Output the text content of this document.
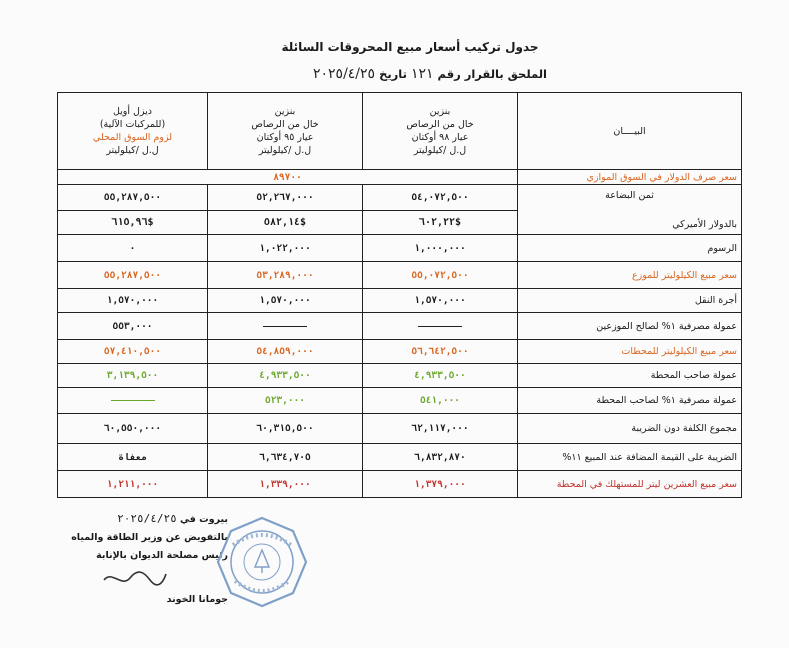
جدول تركيب أسعار مبيع المحروقات السائلة
الملحق بالقرار رقم ١٢١ تاريخ ٢٠٢٥/٤/٢٥
ديزل أويل
(للمركبات الآلية)
لزوم السوق المحلي
ل.ل /كيلوليتر	بنزين
خال من الرصاص
عيار ٩٥ أوكتان
ل.ل /كيلوليتر	بنزين
خال من الرصاص
عيار ٩٨ أوكتان
ل.ل /كيلوليتر	البيــــان
٨٩٧٠٠			سعر صرف الدولار في السوق الموازي
٥٥,٢٨٧,٥٠٠	٥٢,٢٦٧,٠٠٠	٥٤,٠٧٢,٥٠٠	ثمن البضاعة
بالدولار الأميركي

٦١٥,٩٦$	٥٨٢,١٤$	٦٠٢,٢٢$	
٠	١,٠٢٢,٠٠٠	١,٠٠٠,٠٠٠	الرسوم
٥٥,٢٨٧,٥٠٠	٥٣,٢٨٩,٠٠٠	٥٥,٠٧٢,٥٠٠	سعر مبيع الكيلوليتر للموزع
١,٥٧٠,٠٠٠	١,٥٧٠,٠٠٠	١,٥٧٠,٠٠٠	أجرة النقل
٥٥٣,٠٠٠			عمولة مصرفية ١% لصالح الموزعين
٥٧,٤١٠,٥٠٠	٥٤,٨٥٩,٠٠٠	٥٦,٦٤٢,٥٠٠	سعر مبيع الكيلوليتر للمحطات
٣,١٣٩,٥٠٠	٤,٩٣٣,٥٠٠	٤,٩٣٣,٥٠٠	عمولة صاحب المحطة
	٥٢٣,٠٠٠	٥٤١,٠٠٠	عمولة مصرفية ١% لصاحب المحطة
٦٠,٥٥٠,٠٠٠	٦٠,٣١٥,٥٠٠	٦٢,١١٧,٠٠٠	مجموع الكلفة دون الضريبة
معفاة	٦,٦٣٤,٧٠٥	٦,٨٣٢,٨٧٠	الضريبة على القيمة المضافة عند المبيع ١١%
١,٢١١,٠٠٠	١,٣٣٩,٠٠٠	١,٣٧٩,٠٠٠	سعر مبيع العشرين ليتر للمستهلك في المحطة
بيروت في ٢٠٢٥/٤/٢٥
بالتفويض عن وزير الطاقة والمياه
رئيس مصلحة الديوان بالإنابة
جومانا الخوند
